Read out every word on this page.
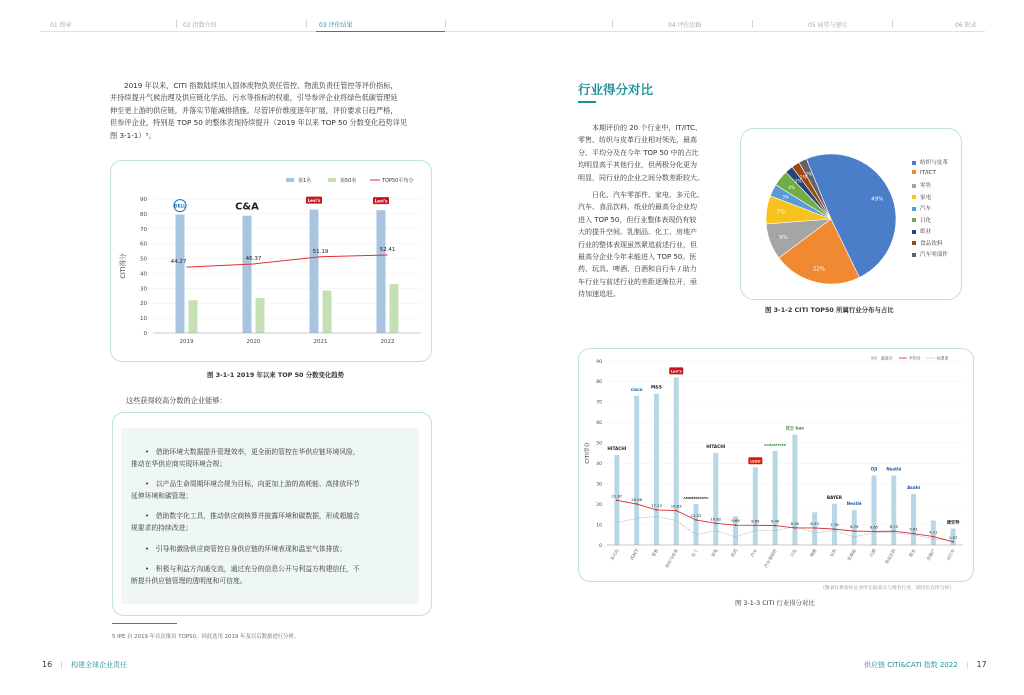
01 简章	02 指数介绍	03 评价结果	04 评价思路	05 展望与建议	06 附录
2019 年以来，CITI 指数陆续加入固体废物负责任管控、物流负责任管控等评价指标，
并持续提升气候治理及供应链化学品、污水等指标的权重，引导参评企业将绿色低碳管理延
伸至更上游的供应链，并落实节能减排措施。尽管评价维度逐年扩展，评价要求日趋严格，
但参评企业，特别是 TOP 50 的整体表现持续提升（2019 年以来 TOP 50 分数变化趋势详见
图 3-1-1）⁵。
0
10
20
30
40
50
60
70
80
90
CITI得分
2019
DELL
2020
C&A
2021
Levi's
2022
Levi's
44.27
46.37
51.19	52.41
第1名	第50名	TOP50平均分
图 3-1-1 2019 年以来 TOP 50 分数变化趋势
这些获得较高分数的企业能够：
•　借助环境大数据提升管理效率，更全面的管控在华供应链环境风险，
推动在华供应商实现环境合规；
•　以产品生命周期环境合规为目标，向更加上游的高耗能、高排放环节
延伸环境和碳管理；
•　借助数字化工具，推动供应商核算并披露环境和碳数据，形成超越合
规要求的持续改进；
•　引导和激励供应商管控自身供应链的环境表现和温室气体排放；
•　积极与利益方沟通交流，通过充分的信息公开与利益方构建信任，不
断提升供应链管理的透明度和可信度。
5 IPE 自 2019 年首次推出 TOP50，因此选用 2019 年及以后数据进行分析。
16 | 构建全球企业责任
行业得分对比
本期评价的 20 个行业中，IT/ITC、
零售、纺织与皮革行业相对领先，最高
分、平均分及在今年 TOP 50 中的占比
均明显高于其他行业，但两极分化更为
明显，同行业的企业之间分数差距较大。
日化、汽车零部件、家电、多元化、
汽车、食品饮料、纸业的最高分企业均
进入 TOP 50，但行业整体表现仍有较
大的提升空间。乳制品、化工、房地产
行业的整体表现虽然紧追前述行业，但
最高分企业今年未能进入 TOP 50。医
药、玩具、啤酒、白酒和自行车 / 助力
车行业与前述行业的差距逐渐拉开，亟
待加速追赶。
49%
22%
9%
7%
3%
4%
2%
2%
2%
纺织与皮革
IT/ICT
零售
家电
汽车
日化
纸业
食品饮料
汽车零部件
图 3-1-2 CITI TOP50 所属行业分布与占比
0
10
20
30
40
50
60
70
80
90
CITI得分
多元化
HITACHI
IT/ICT
cisco
零售
M&S
纺织与皮革
Levi's
化工
AMOREPACIFIC
家电
HITACHI
医药	汽车
LEGO
汽车零部件
SCHAEFFLER
日化
花王 kao
啤酒	玩具
BAYER
乳制品
Nestlé
白酒
OJI
食品饮料
Nestlé
纸业
Asahi
房地产 自行车
捷安特
21.87
20.06
17.13 16.83
12.23
10.62	9.69	9.65	9.49	8.35	8.33	7.76	6.79	6.65	6.75	5.61
4.11
1.57
最高分	平均分	标准差
（图表仅供参评企业所在最高分与排名行业，图出色有所分析）
图 3-1-3 CITI 行业得分对比
供应链 CITI&CATI 指数 2022 | 17
